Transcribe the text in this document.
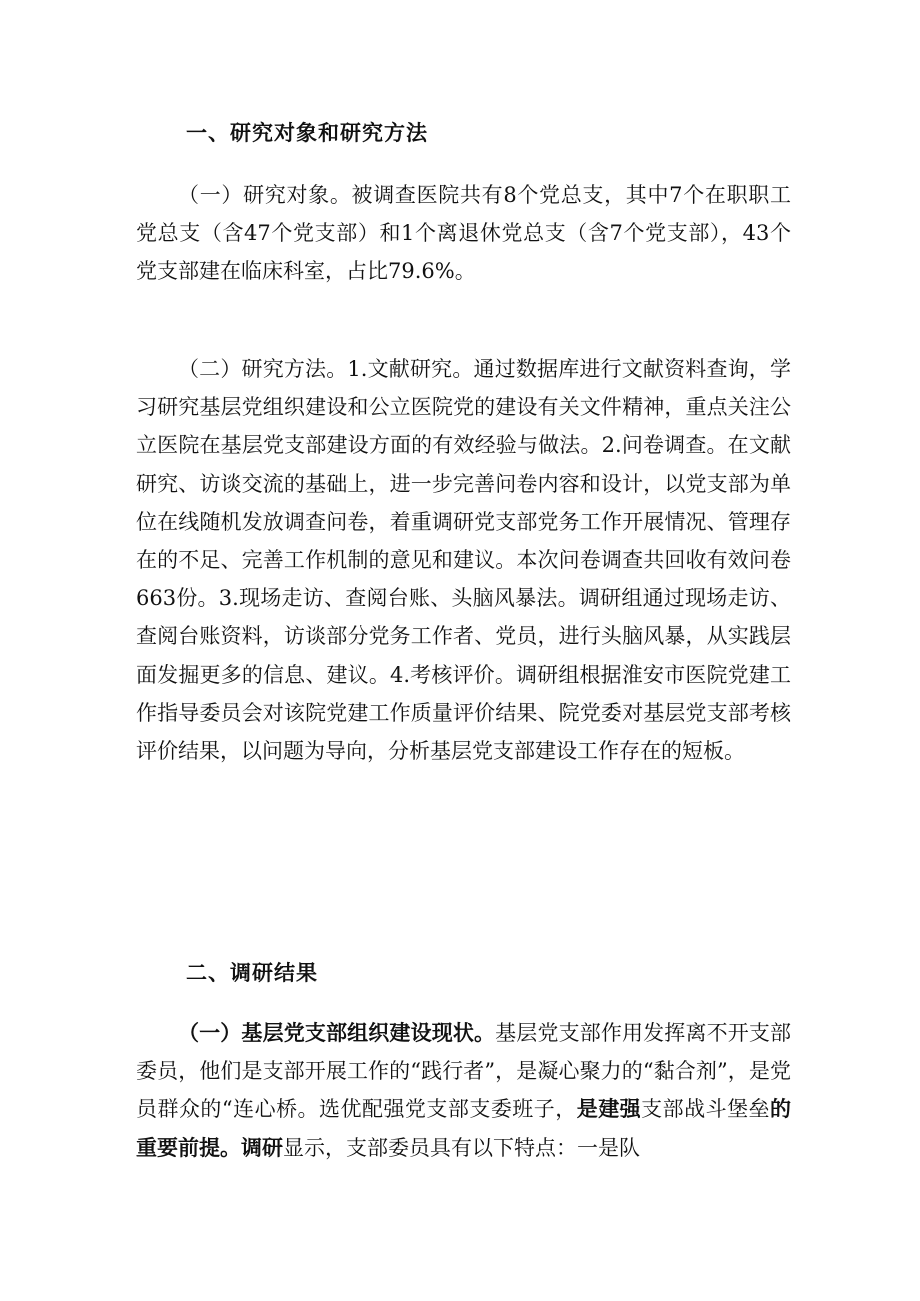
一、研究对象和研究方法

（一）研究对象。被调查医院共有8个党总支，其中7个在职职工党总支（含47个党支部）和1个离退休党总支（含7个党支部），43个党支部建在临床科室，占比79.6%。

（二）研究方法。1.文献研究。通过数据库进行文献资料查询，学习研究基层党组织建设和公立医院党的建设有关文件精神，重点关注公立医院在基层党支部建设方面的有效经验与做法。2.问卷调查。在文献研究、访谈交流的基础上，进一步完善问卷内容和设计，以党支部为单位在线随机发放调查问卷，着重调研党支部党务工作开展情况、管理存在的不足、完善工作机制的意见和建议。本次问卷调查共回收有效问卷663份。3.现场走访、查阅台账、头脑风暴法。调研组通过现场走访、查阅台账资料，访谈部分党务工作者、党员，进行头脑风暴，从实践层面发掘更多的信息、建议。4.考核评价。调研组根据淮安市医院党建工作指导委员会对该院党建工作质量评价结果、院党委对基层党支部考核评价结果，以问题为导向，分析基层党支部建设工作存在的短板。

二、调研结果

（一）基层党支部组织建设现状。基层党支部作用发挥离不开支部委员，他们是支部开展工作的“践行者”，是凝心聚力的“黏合剂”，是党员群众的“连心桥。选优配强党支部支委班子，是建强支部战斗堡垒的重要前提。调研显示，支部委员具有以下特点：一是队
